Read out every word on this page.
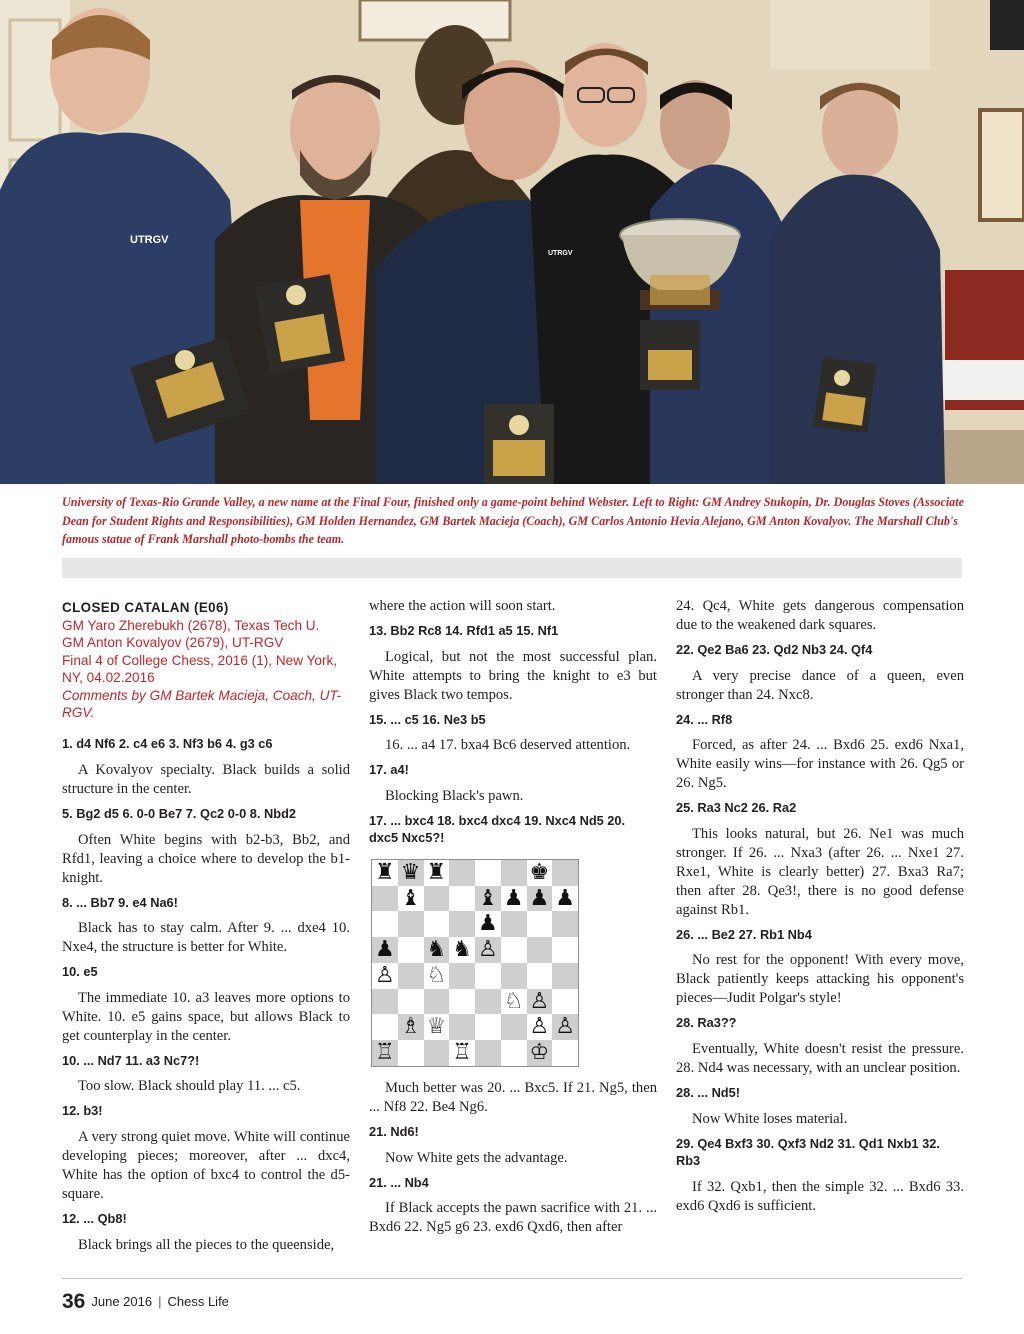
UTRGV
UTRGV
University of Texas-Rio Grande Valley, a new name at the Final Four, finished only a game-point behind Webster. Left to Right: GM Andrey Stukopin, Dr. Douglas Stoves (Associate Dean for Student Rights and Responsibilities), GM Holden Hernandez, GM Bartek Macieja (Coach), GM Carlos Antonio Hevia Alejano, GM Anton Kovalyov. The Marshall Club's famous statue of Frank Marshall photo-bombs the team.
CLOSED CATALAN (E06)
GM Yaro Zherebukh (2678), Texas Tech U.
GM Anton Kovalyov (2679), UT-RGV
Final 4 of College Chess, 2016 (1), New York, NY, 04.02.2016
Comments by GM Bartek Macieja, Coach, UT-RGV.

1. d4 Nf6 2. c4 e6 3. Nf3 b6 4. g3 c6

A Kovalyov specialty. Black builds a solid structure in the center.

5. Bg2 d5 6. 0-0 Be7 7. Qc2 0-0 8. Nbd2

Often White begins with b2-b3, Bb2, and Rfd1, leaving a choice where to develop the b1-knight.

8. ... Bb7 9. e4 Na6!

Black has to stay calm. After 9. ... dxe4 10. Nxe4, the structure is better for White.

10. e5

The immediate 10. a3 leaves more options to White. 10. e5 gains space, but allows Black to get counterplay in the center.

10. ... Nd7 11. a3 Nc7?!

Too slow. Black should play 11. ... c5.

12. b3!

A very strong quiet move. White will continue developing pieces; moreover, after ... dxc4, White has the option of bxc4 to control the d5-square.

12. ... Qb8!

Black brings all the pieces to the queenside,

where the action will soon start.

13. Bb2 Rc8 14. Rfd1 a5 15. Nf1

Logical, but not the most successful plan. White attempts to bring the knight to e3 but gives Black two tempos.

15. ... c5 16. Ne3 b5

16. ... a4 17. bxa4 Bc6 deserved attention.

17. a4!

Blocking Black's pawn.

17. ... bxc4 18. bxc4 dxc4 19. Nxc4 Nd5 20. dxc5 Nxc5?!

♜ ♛ ♜	♚
♝	♝ ♟ ♟ ♟
♟
♟ ♞ ♞ ♙
♙ ♘
♘ ♙
♗ ♕	♙ ♙
♖	♖	♔

Much better was 20. ... Bxc5. If 21. Ng5, then ... Nf8 22. Be4 Ng6.

21. Nd6!

Now White gets the advantage.

21. ... Nb4

If Black accepts the pawn sacrifice with 21. ... Bxd6 22. Ng5 g6 23. exd6 Qxd6, then after

24. Qc4, White gets dangerous compensation due to the weakened dark squares.

22. Qe2 Ba6 23. Qd2 Nb3 24. Qf4

A very precise dance of a queen, even stronger than 24. Nxc8.

24. ... Rf8

Forced, as after 24. ... Bxd6 25. exd6 Nxa1, White easily wins—for instance with 26. Qg5 or 26. Ng5.

25. Ra3 Nc2 26. Ra2

This looks natural, but 26. Ne1 was much stronger. If 26. ... Nxa3 (after 26. ... Nxe1 27. Rxe1, White is clearly better) 27. Bxa3 Ra7; then after 28. Qe3!, there is no good defense against Rb1.

26. ... Be2 27. Rb1 Nb4

No rest for the opponent! With every move, Black patiently keeps attacking his opponent's pieces—Judit Polgar's style!

28. Ra3??

Eventually, White doesn't resist the pressure. 28. Nd4 was necessary, with an unclear position.

28. ... Nd5!

Now White loses material.

29. Qe4 Bxf3 30. Qxf3 Nd2 31. Qd1 Nxb1 32. Rb3

If 32. Qxb1, then the simple 32. ... Bxd6 33. exd6 Qxd6 is sufficient.

36 June 2016 | Chess Life
